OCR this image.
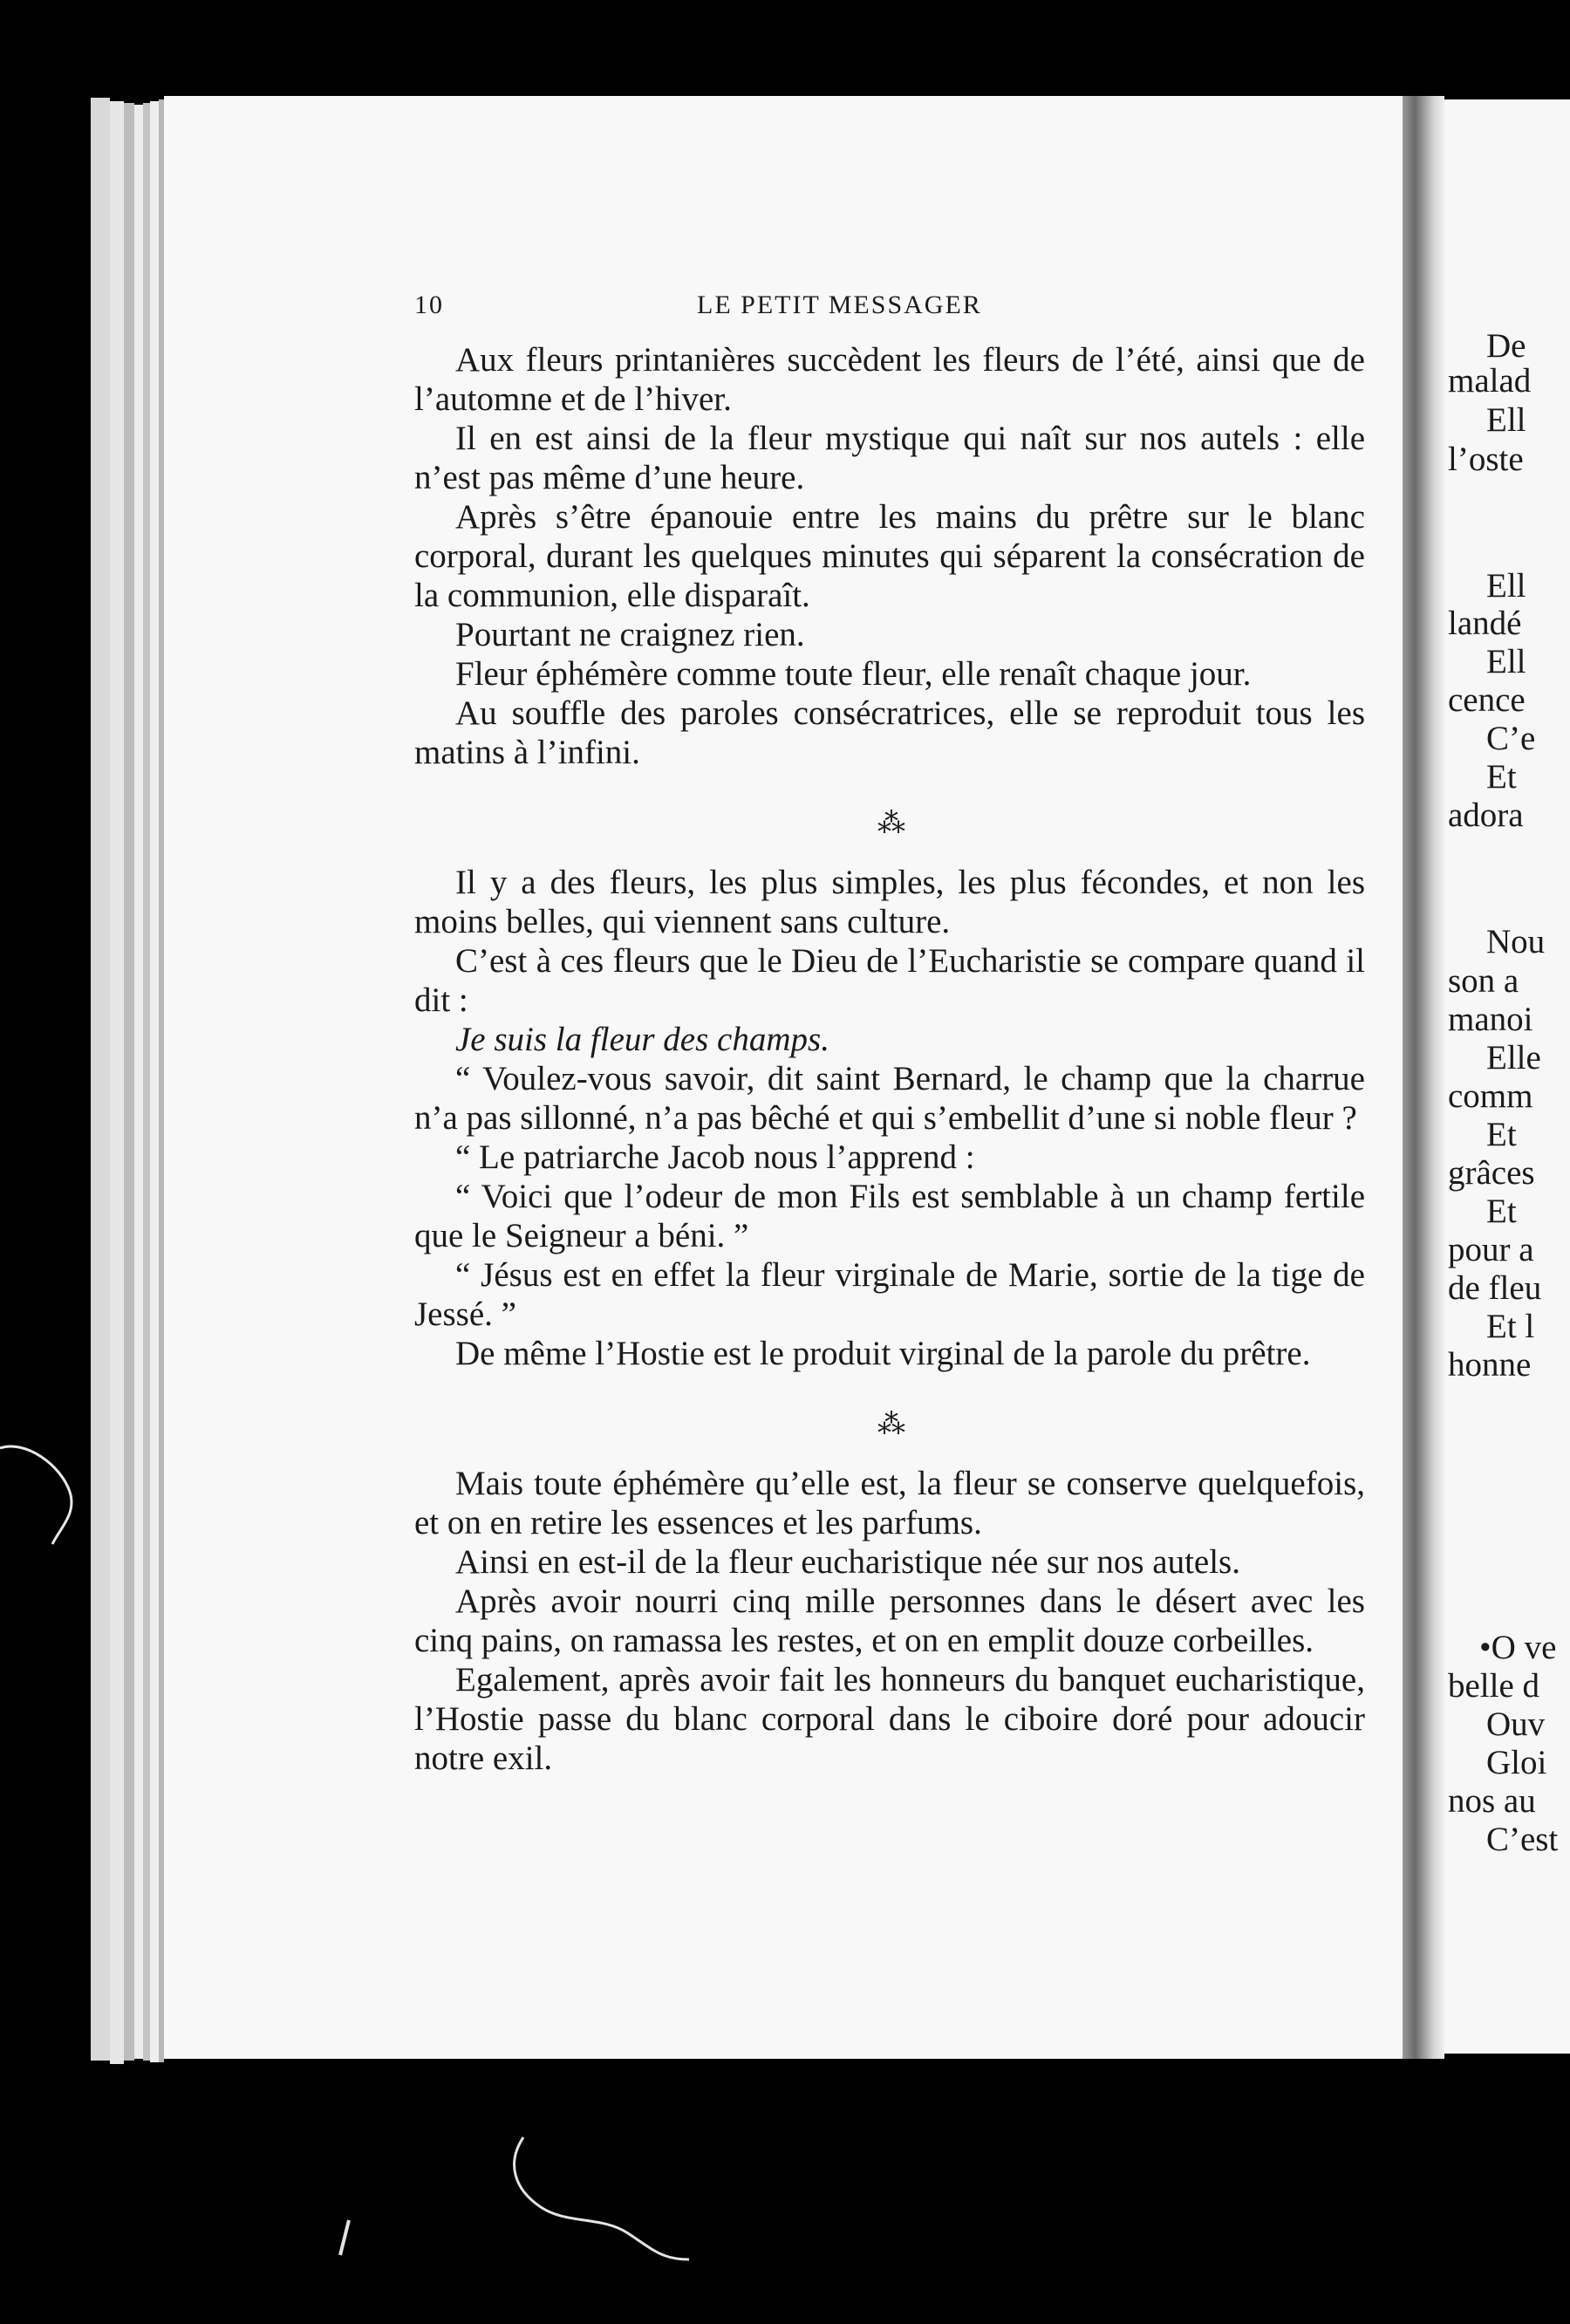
De
malad
Ell
l’oste
Ell
landé
Ell
cence
C’e
Et
adora
Nou
son a
manoi
Elle
comm
Et
grâces
Et
pour a
de fleu
Et l
honne
•O ve
belle d
Ouv
Gloi
nos au
C’est
10	LE PETIT MESSAGER

Aux fleurs printanières succèdent les fleurs de l’été, ainsi que de l’automne et de l’hiver.

Il en est ainsi de la fleur mystique qui naît sur nos autels : elle n’est pas même d’une heure.

Après s’être épanouie entre les mains du prêtre sur le blanc corporal, durant les quelques minutes qui séparent la consécration de la communion, elle disparaît.

Pourtant ne craignez rien.

Fleur éphémère comme toute fleur, elle renaît chaque jour.

Au souffle des paroles consécratrices, elle se reproduit tous les matins à l’infini.

⁂

Il y a des fleurs, les plus simples, les plus fécondes, et non les moins belles, qui viennent sans culture.

C’est à ces fleurs que le Dieu de l’Eucharistie se compare quand il dit :

Je suis la fleur des champs.

“ Voulez-vous savoir, dit saint Bernard, le champ que la charrue n’a pas sillonné, n’a pas bêché et qui s’embellit d’une si noble fleur ?

“ Le patriarche Jacob nous l’apprend :

“ Voici que l’odeur de mon Fils est semblable à un champ fertile que le Seigneur a béni. ”

“ Jésus est en effet la fleur virginale de Marie, sortie de la tige de Jessé. ”

De même l’Hostie est le produit virginal de la parole du prêtre.

⁂

Mais toute éphémère qu’elle est, la fleur se conserve quelquefois, et on en retire les essences et les parfums.

Ainsi en est-il de la fleur eucharistique née sur nos autels.

Après avoir nourri cinq mille personnes dans le désert avec les cinq pains, on ramassa les restes, et on en emplit douze corbeilles.

Egalement, après avoir fait les honneurs du banquet eucharistique, l’Hostie passe du blanc corporal dans le ciboire doré pour adoucir notre exil.
